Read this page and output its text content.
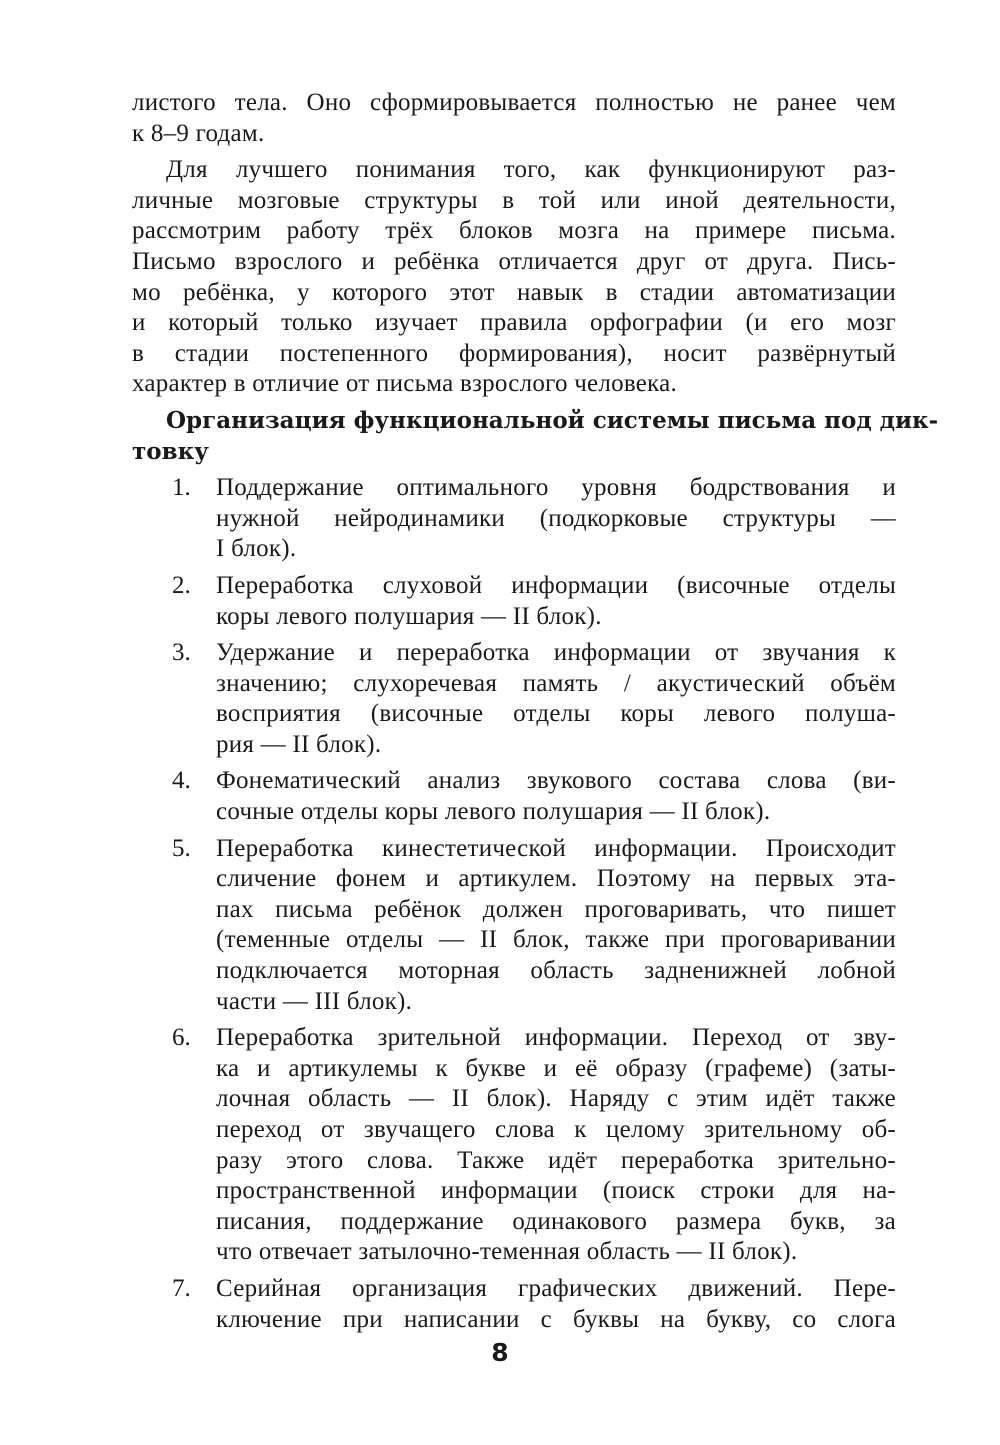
листого тела. Оно сформировывается полностью не ранее чем
к 8–9 годам.
Для лучшего понимания того, как функционируют раз-
личные мозговые структуры в той или иной деятельности,
рассмотрим работу трёх блоков мозга на примере письма.
Письмо взрослого и ребёнка отличается друг от друга. Пись-
мо ребёнка, у которого этот навык в стадии автоматизации
и который только изучает правила орфографии (и его мозг
в стадии постепенного формирования), носит развёрнутый
характер в отличие от письма взрослого человека.
Организация функциональной системы письма под дик-
товку
1. Поддержание оптимального уровня бодрствования и
нужной нейродинамики (подкорковые структуры —
I блок).
2. Переработка слуховой информации (височные отделы
коры левого полушария — II блок).
3. Удержание и переработка информации от звучания к
значению; слухоречевая память / акустический объём
восприятия (височные отделы коры левого полуша-
рия — II блок).
4. Фонематический анализ звукового состава слова (ви-
сочные отделы коры левого полушария — II блок).
5. Переработка кинестетической информации. Происходит
сличение фонем и артикулем. Поэтому на первых эта-
пах письма ребёнок должен проговаривать, что пишет
(теменные отделы — II блок, также при проговаривании
подключается моторная область задненижней лобной
части — III блок).
6. Переработка зрительной информации. Переход от зву-
ка и артикулемы к букве и её образу (графеме) (заты-
лочная область — II блок). Наряду с этим идёт также
переход от звучащего слова к целому зрительному об-
разу этого слова. Также идёт переработка зрительно-
пространственной информации (поиск строки для на-
писания, поддержание одинакового размера букв, за
что отвечает затылочно-теменная область — II блок).
7. Серийная организация графических движений. Пере-
ключение при написании с буквы на букву, со слога
8
